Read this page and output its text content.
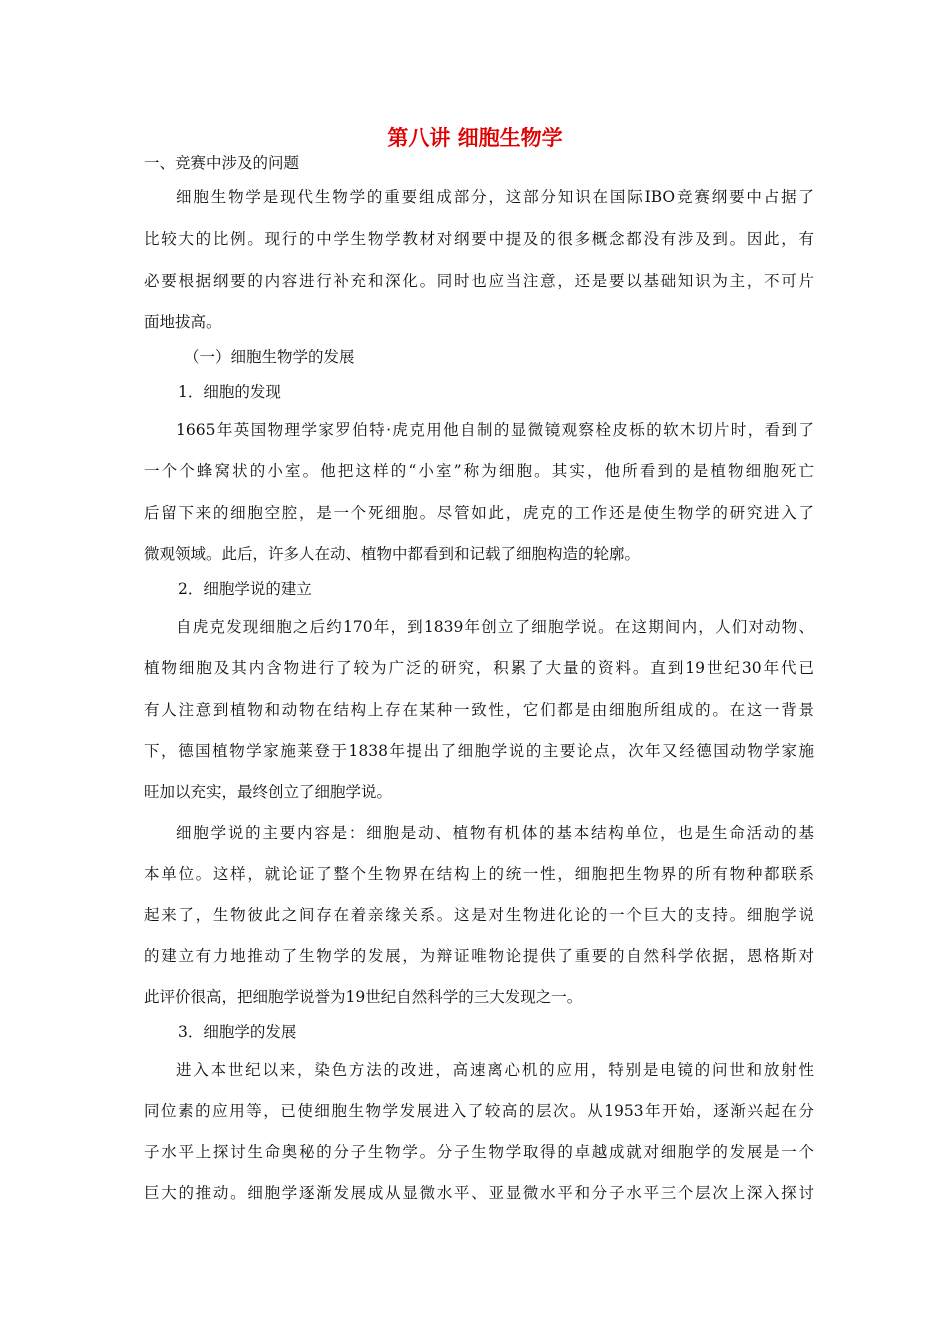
第八讲 细胞生物学

一、竞赛中涉及的问题

细胞生物学是现代生物学的重要组成部分，这部分知识在国际IBO竞赛纲要中占据了

比较大的比例。现行的中学生物学教材对纲要中提及的很多概念都没有涉及到。因此，有

必要根据纲要的内容进行补充和深化。同时也应当注意，还是要以基础知识为主，不可片

面地拔高。

（一）细胞生物学的发展

1．细胞的发现

1665年英国物理学家罗伯特·虎克用他自制的显微镜观察栓皮栎的软木切片时，看到了

一个个蜂窝状的小室。他把这样的“小室”称为细胞。其实，他所看到的是植物细胞死亡

后留下来的细胞空腔，是一个死细胞。尽管如此，虎克的工作还是使生物学的研究进入了

微观领域。此后，许多人在动、植物中都看到和记载了细胞构造的轮廓。

2．细胞学说的建立

自虎克发现细胞之后约170年，到1839年创立了细胞学说。在这期间内，人们对动物、

植物细胞及其内含物进行了较为广泛的研究，积累了大量的资料。直到19世纪30年代已

有人注意到植物和动物在结构上存在某种一致性，它们都是由细胞所组成的。在这一背景

下，德国植物学家施莱登于1838年提出了细胞学说的主要论点，次年又经德国动物学家施

旺加以充实，最终创立了细胞学说。

细胞学说的主要内容是：细胞是动、植物有机体的基本结构单位，也是生命活动的基

本单位。这样，就论证了整个生物界在结构上的统一性，细胞把生物界的所有物种都联系

起来了，生物彼此之间存在着亲缘关系。这是对生物进化论的一个巨大的支持。细胞学说

的建立有力地推动了生物学的发展，为辩证唯物论提供了重要的自然科学依据，恩格斯对

此评价很高，把细胞学说誉为19世纪自然科学的三大发现之一。

3．细胞学的发展

进入本世纪以来，染色方法的改进，高速离心机的应用，特别是电镜的问世和放射性

同位素的应用等，已使细胞生物学发展进入了较高的层次。从1953年开始，逐渐兴起在分

子水平上探讨生命奥秘的分子生物学。分子生物学取得的卓越成就对细胞学的发展是一个

巨大的推动。细胞学逐渐发展成从显微水平、亚显微水平和分子水平三个层次上深入探讨
